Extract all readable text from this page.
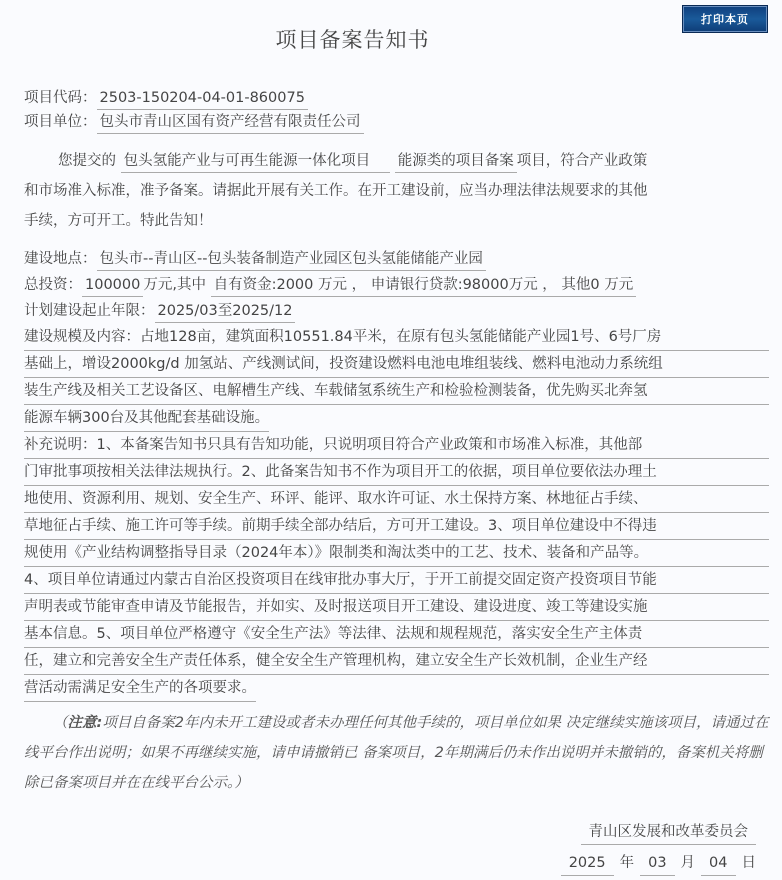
打印本页
项目备案告知书
项目代码： 2503-150204-04-01-860075
项目单位： 包头市青山区国有资产经营有限责任公司
您提交的 包头氢能产业与可再生能源一体化项目 能源类的项目备案 项目，符合产业政策
和市场准入标准，准予备案。请据此开展有关工作。在开工建设前，应当办理法律法规要求的其他
手续，方可开工。特此告知！
建设地点： 包头市--青山区--包头装备制造产业园区包头氢能储能产业园
总投资： 100000 万元,其中 自有资金:2000 万元 ， 申请银行贷款:98000万元 ， 其他0 万元
计划建设起止年限： 2025/03至2025/12
建设规模及内容：占地128亩，建筑面积10551.84平米，在原有包头氢能储能产业园1号、6号厂房
基础上，增设2000kg/d 加氢站、产线测试间，投资建设燃料电池电堆组装线、燃料电池动力系统组
装生产线及相关工艺设备区、电解槽生产线、车载储氢系统生产和检验检测装备，优先购买北奔氢
能源车辆300台及其他配套基础设施。
补充说明：1、本备案告知书只具有告知功能，只说明项目符合产业政策和市场准入标准，其他部
门审批事项按相关法律法规执行。2、此备案告知书不作为项目开工的依据，项目单位要依法办理土
地使用、资源利用、规划、安全生产、环评、能评、取水许可证、水土保持方案、林地征占手续、
草地征占手续、施工许可等手续。前期手续全部办结后，方可开工建设。3、项目单位建设中不得违
规使用《产业结构调整指导目录（2024年本）》限制类和淘汰类中的工艺、技术、装备和产品等。
4、项目单位请通过内蒙古自治区投资项目在线审批办事大厅，于开工前提交固定资产投资项目节能
声明表或节能审查申请及节能报告，并如实、及时报送项目开工建设、建设进度、竣工等建设实施
基本信息。5、项目单位严格遵守《安全生产法》等法律、法规和规程规范，落实安全生产主体责
任，建立和完善安全生产责任体系，健全安全生产管理机构，建立安全生产长效机制，企业生产经
营活动需满足安全生产的各项要求。
（注意:项目自备案2年内未开工建设或者未办理任何其他手续的，项目单位如果 决定继续实施该项目，请通过在线平台作出说明；如果不再继续实施，请申请撤销已 备案项目，2年期满后仍未作出说明并未撤销的，备案机关将删除已备案项目并在在线平台公示。）
青山区发展和改革委员会
2025 年 03 月 04 日
